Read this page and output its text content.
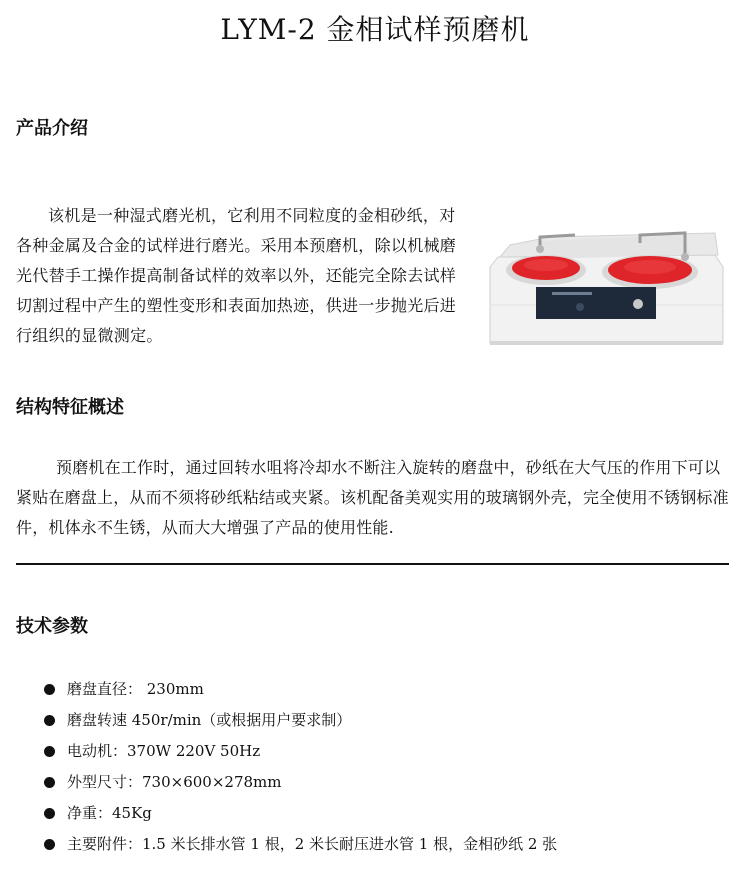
LYM-2 金相试样预磨机
产品介绍
该机是一种湿式磨光机，它利用不同粒度的金相砂纸，对各种金属及合金的试样进行磨光。采用本预磨机，除以机械磨光代替手工操作提高制备试样的效率以外，还能完全除去试样切割过程中产生的塑性变形和表面加热迹，供进一步抛光后进行组织的显微测定。
结构特征概述
预磨机在工作时，通过回转水咀将冷却水不断注入旋转的磨盘中，砂纸在大气压的作用下可以紧贴在磨盘上，从而不须将砂纸粘结或夹紧。该机配备美观实用的玻璃钢外壳，完全使用不锈钢标准件，机体永不生锈，从而大大增强了产品的使用性能.
技术参数
磨盘直径： 230mm
磨盘转速 450r/min（或根据用户要求制）
电动机：370W 220V 50Hz
外型尺寸：730×600×278mm
净重：45Kg
主要附件：1.5 米长排水管 1 根，2 米长耐压进水管 1 根，金相砂纸 2 张
